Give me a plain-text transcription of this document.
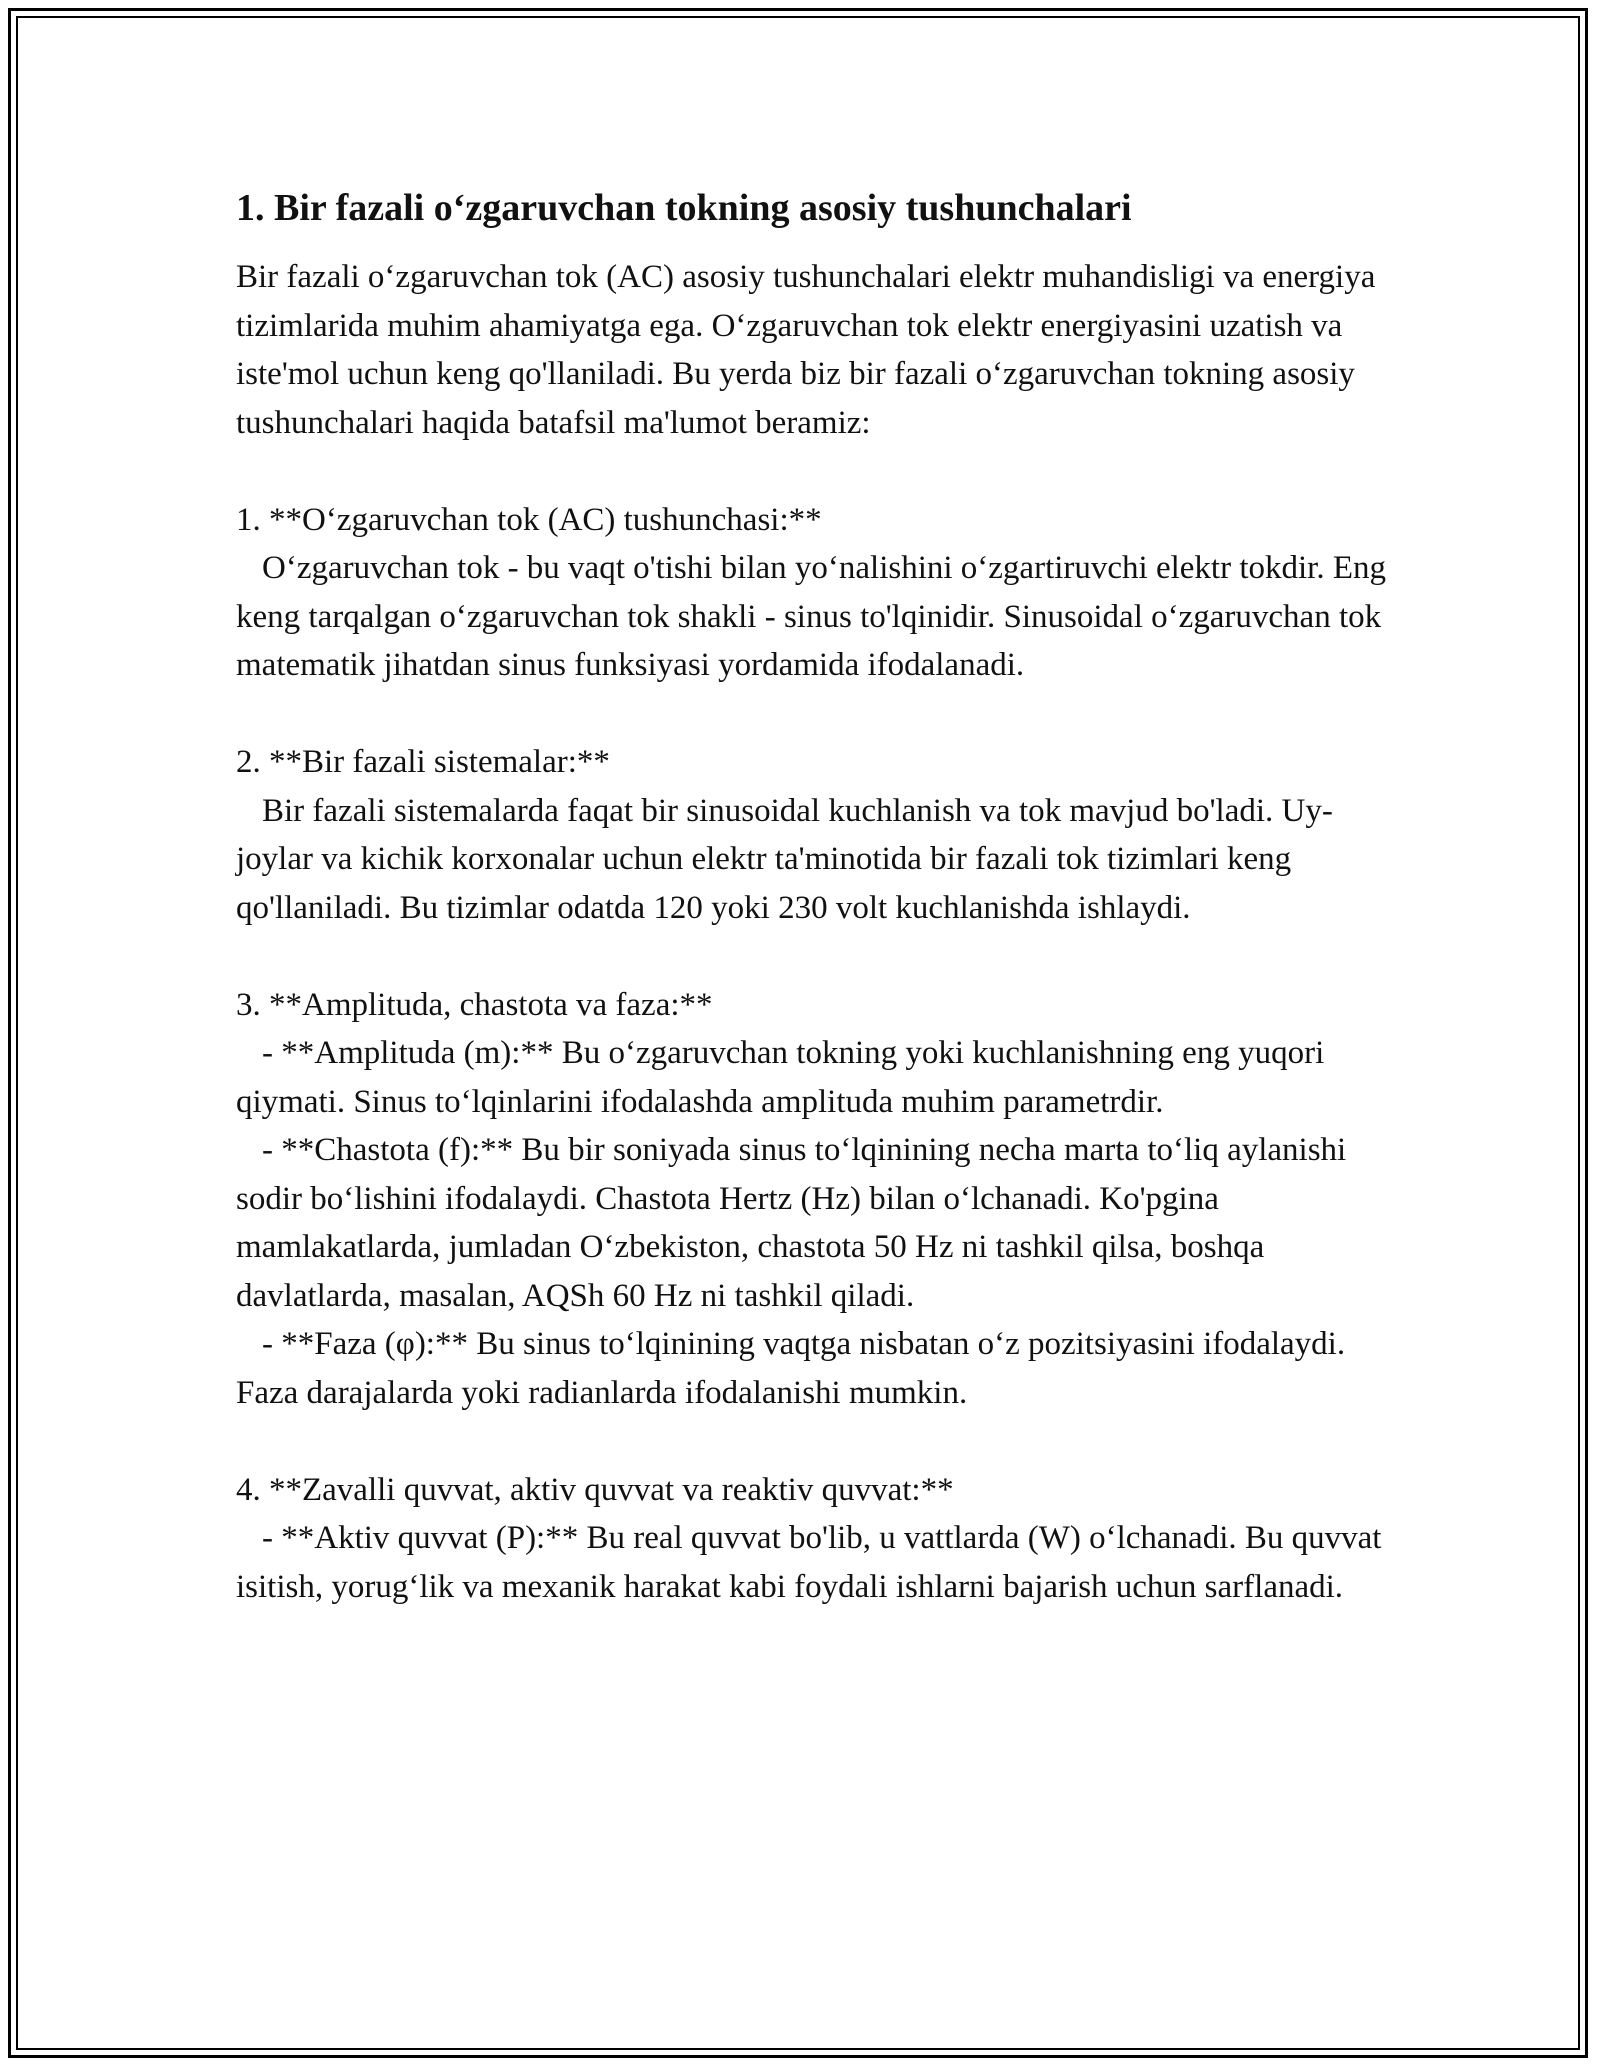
1. Bir fazali o‘zgaruvchan tokning asosiy tushunchalari

Bir fazali o‘zgaruvchan tok (AC) asosiy tushunchalari elektr muhandisligi va energiya tizimlarida muhim ahamiyatga ega. O‘zgaruvchan tok elektr energiyasini uzatish va iste'mol uchun keng qo'llaniladi. Bu yerda biz bir fazali o‘zgaruvchan tokning asosiy tushunchalari haqida batafsil ma'lumot beramiz:

1. **O‘zgaruvchan tok (AC) tushunchasi:**

O‘zgaruvchan tok - bu vaqt o'tishi bilan yo‘nalishini o‘zgartiruvchi elektr tokdir. Eng keng tarqalgan o‘zgaruvchan tok shakli - sinus to'lqinidir. Sinusoidal o‘zgaruvchan tok matematik jihatdan sinus funksiyasi yordamida ifodalanadi.

2. **Bir fazali sistemalar:**

Bir fazali sistemalarda faqat bir sinusoidal kuchlanish va tok mavjud bo'ladi. Uy-joylar va kichik korxonalar uchun elektr ta'minotida bir fazali tok tizimlari keng qo'llaniladi. Bu tizimlar odatda 120 yoki 230 volt kuchlanishda ishlaydi.

3. **Amplituda, chastota va faza:**

- **Amplituda (m):** Bu o‘zgaruvchan tokning yoki kuchlanishning eng yuqori qiymati. Sinus to‘lqinlarini ifodalashda amplituda muhim parametrdir.

- **Chastota (f):** Bu bir soniyada sinus to‘lqinining necha marta to‘liq aylanishi sodir bo‘lishini ifodalaydi. Chastota Hertz (Hz) bilan o‘lchanadi. Ko'pgina mamlakatlarda, jumladan O‘zbekiston, chastota 50 Hz ni tashkil qilsa, boshqa davlatlarda, masalan, AQSh 60 Hz ni tashkil qiladi.

- **Faza (φ):** Bu sinus to‘lqinining vaqtga nisbatan o‘z pozitsiyasini ifodalaydi. Faza darajalarda yoki radianlarda ifodalanishi mumkin.

4. **Zavalli quvvat, aktiv quvvat va reaktiv quvvat:**

- **Aktiv quvvat (P):** Bu real quvvat bo'lib, u vattlarda (W) o‘lchanadi. Bu quvvat isitish, yorug‘lik va mexanik harakat kabi foydali ishlarni bajarish uchun sarflanadi.
